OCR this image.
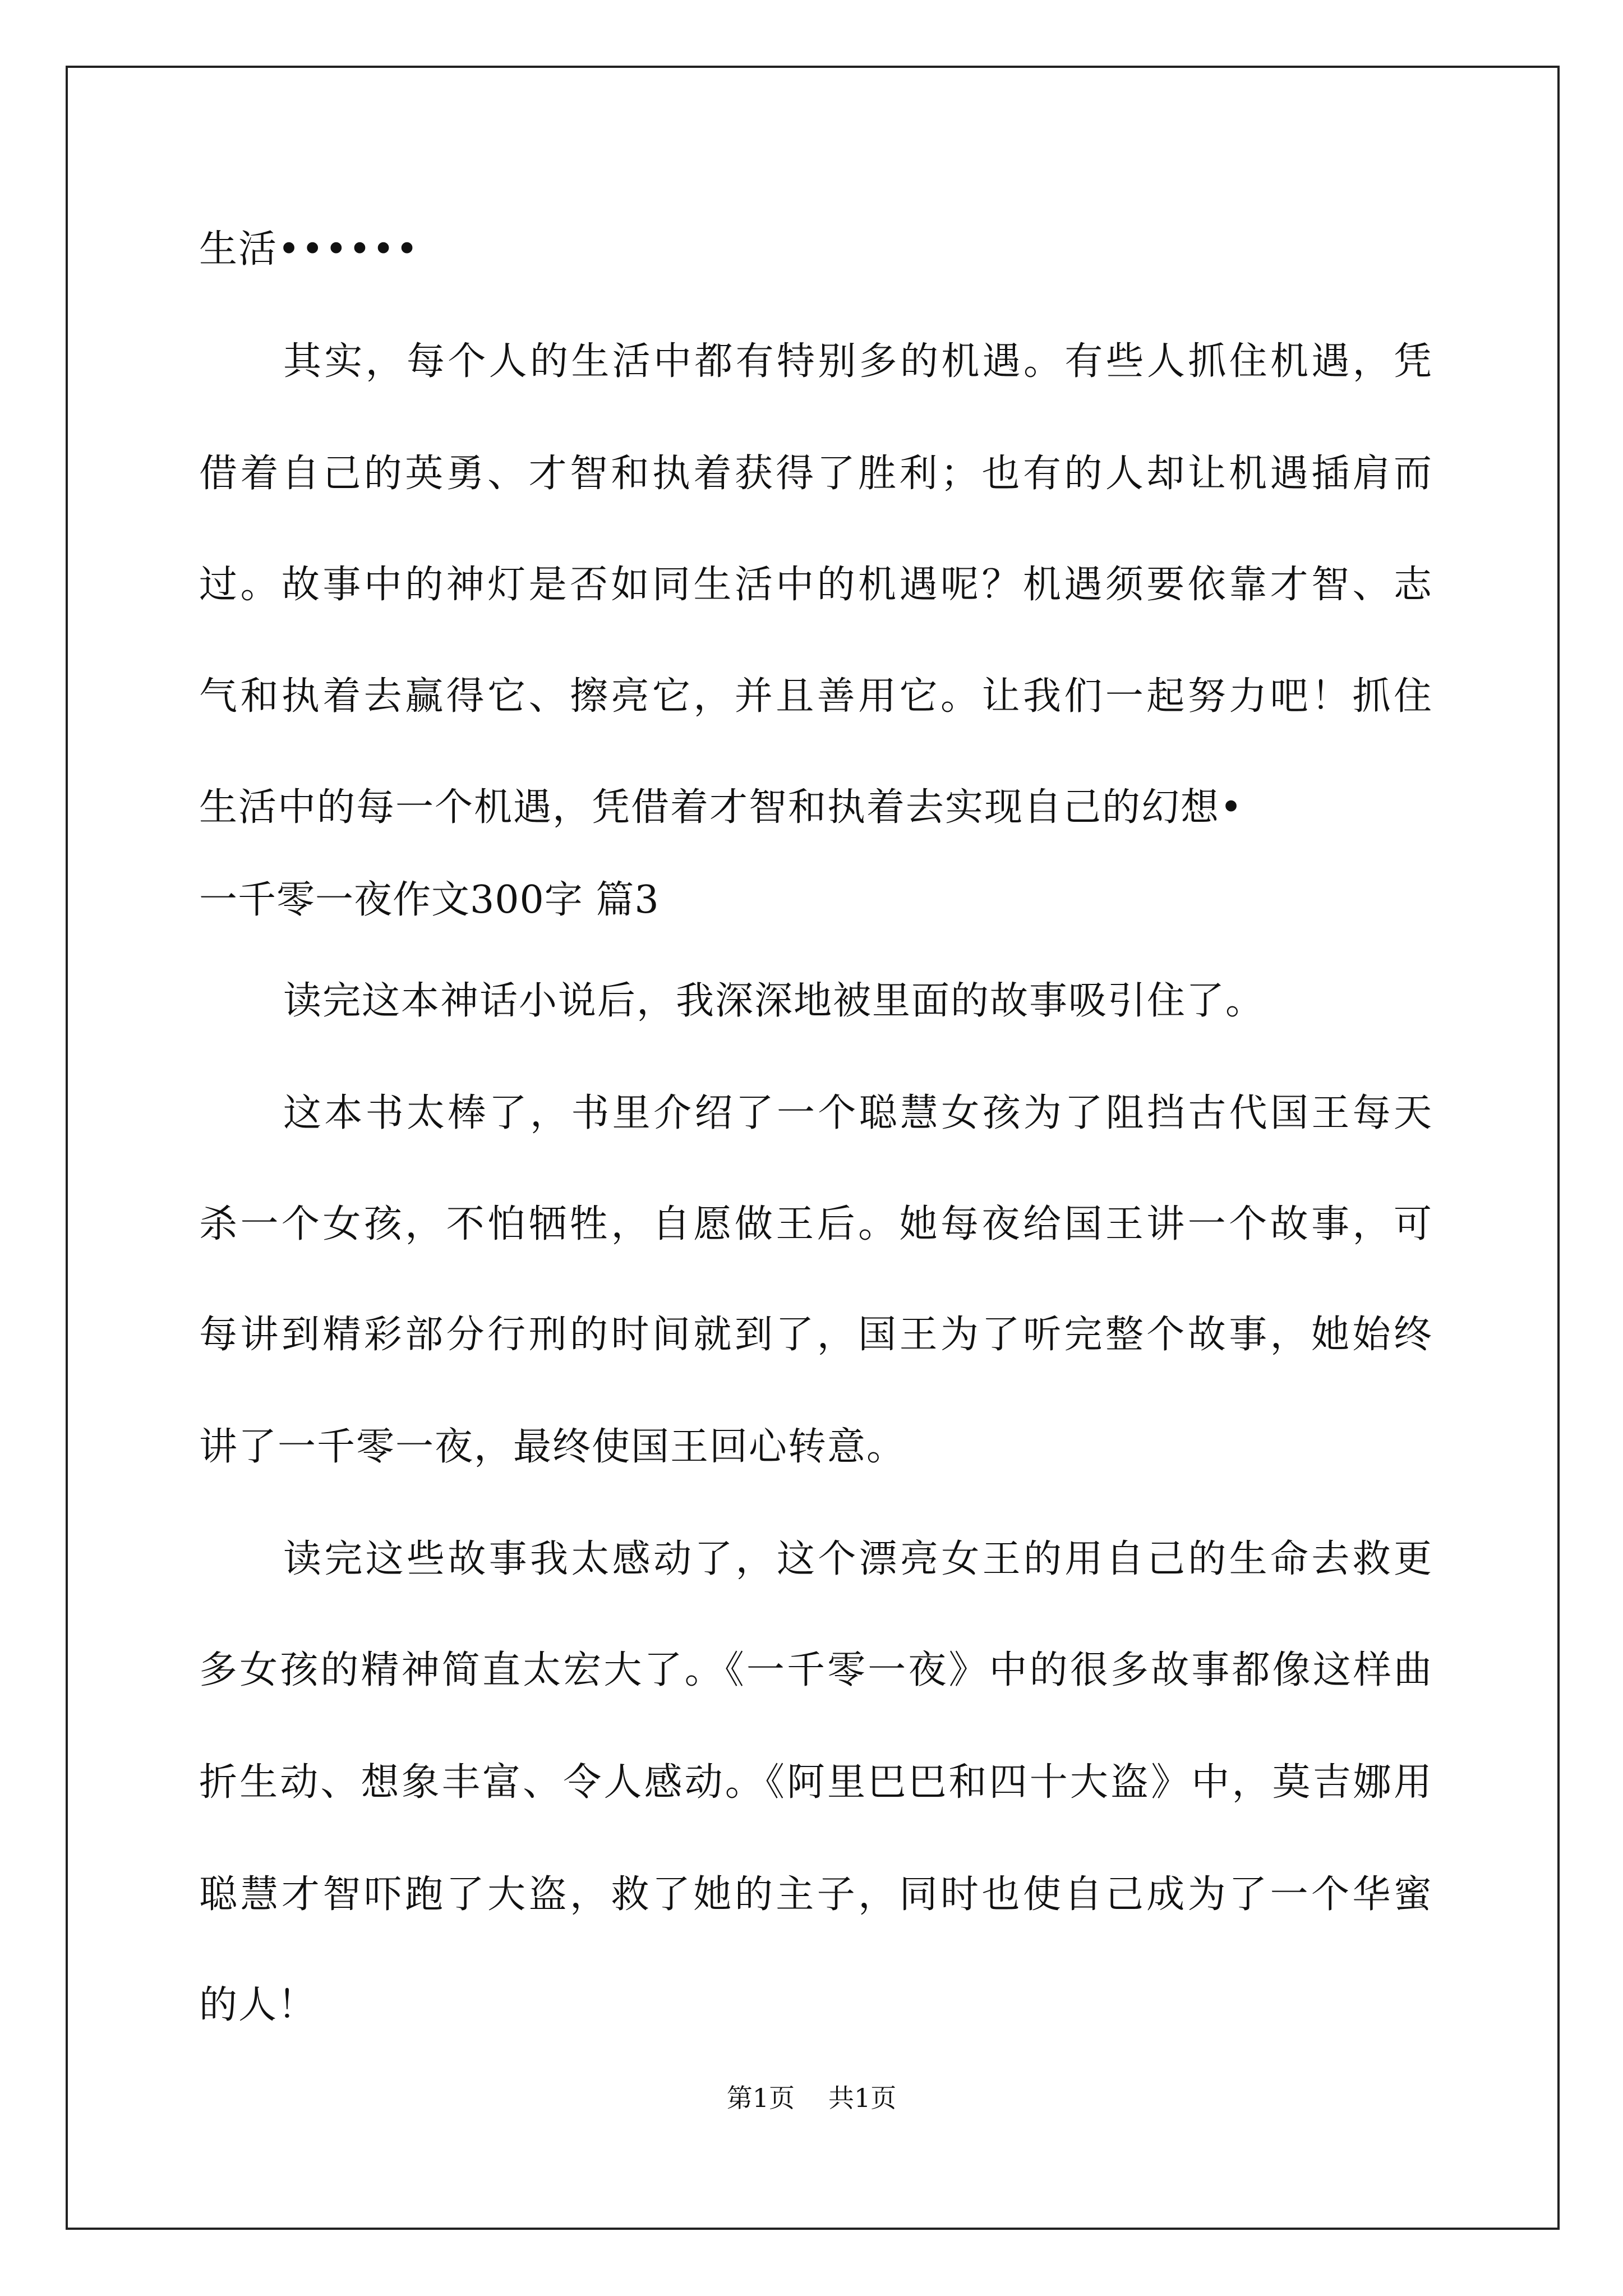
生活••••••
其实，每个人的生活中都有特别多的机遇。有些人抓住机遇，凭
借着自己的英勇、才智和执着获得了胜利；也有的人却让机遇插肩而
过。故事中的神灯是否如同生活中的机遇呢？机遇须要依靠才智、志
气和执着去赢得它、擦亮它，并且善用它。让我们一起努力吧！抓住
生活中的每一个机遇，凭借着才智和执着去实现自己的幻想•
一千零一夜作文300字 篇3
读完这本神话小说后，我深深地被里面的故事吸引住了。
这本书太棒了，书里介绍了一个聪慧女孩为了阻挡古代国王每天
杀一个女孩，不怕牺牲，自愿做王后。她每夜给国王讲一个故事，可
每讲到精彩部分行刑的时间就到了，国王为了听完整个故事，她始终
讲了一千零一夜，最终使国王回心转意。
读完这些故事我太感动了，这个漂亮女王的用自己的生命去救更
多女孩的精神简直太宏大了。《一千零一夜》中的很多故事都像这样曲
折生动、想象丰富、令人感动。《阿里巴巴和四十大盗》中，莫吉娜用
聪慧才智吓跑了大盗，救了她的主子，同时也使自己成为了一个华蜜
的人！
第1页 共1页
